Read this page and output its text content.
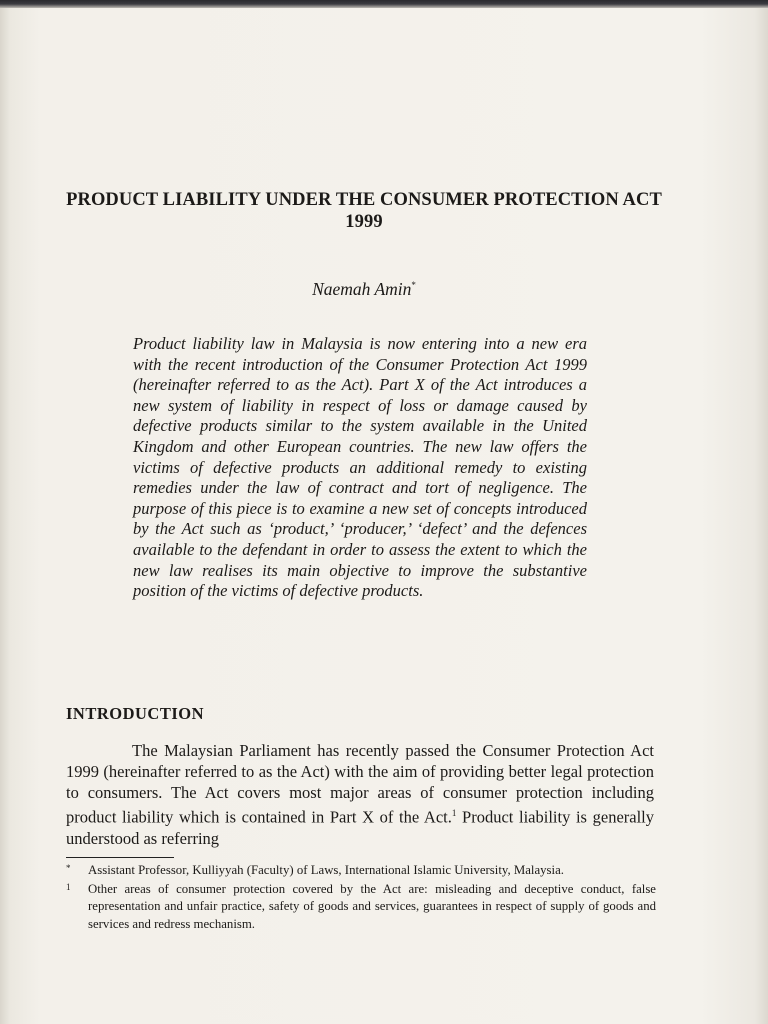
PRODUCT LIABILITY UNDER THE CONSUMER PROTECTION ACT 1999
Naemah Amin*
Product liability law in Malaysia is now entering into a new era with the recent introduction of the Consumer Protection Act 1999 (hereinafter referred to as the Act). Part X of the Act introduces a new system of liability in respect of loss or damage caused by defective products similar to the system available in the United Kingdom and other European countries. The new law offers the victims of defective products an additional remedy to existing remedies under the law of contract and tort of negligence. The purpose of this piece is to examine a new set of concepts introduced by the Act such as ‘product,’ ‘producer,’ ‘defect’ and the defences available to the defendant in order to assess the extent to which the new law realises its main objective to improve the substantive position of the victims of defective products.
INTRODUCTION
The Malaysian Parliament has recently passed the Consumer Protection Act 1999 (hereinafter referred to as the Act) with the aim of providing better legal protection to consumers. The Act covers most major areas of consumer protection including product liability which is contained in Part X of the Act.$^1$ Product liability is generally understood as referring
* Assistant Professor, Kulliyyah (Faculty) of Laws, International Islamic University, Malaysia.
1 Other areas of consumer protection covered by the Act are: misleading and deceptive conduct, false representation and unfair practice, safety of goods and services, guarantees in respect of supply of goods and services and redress mechanism.
